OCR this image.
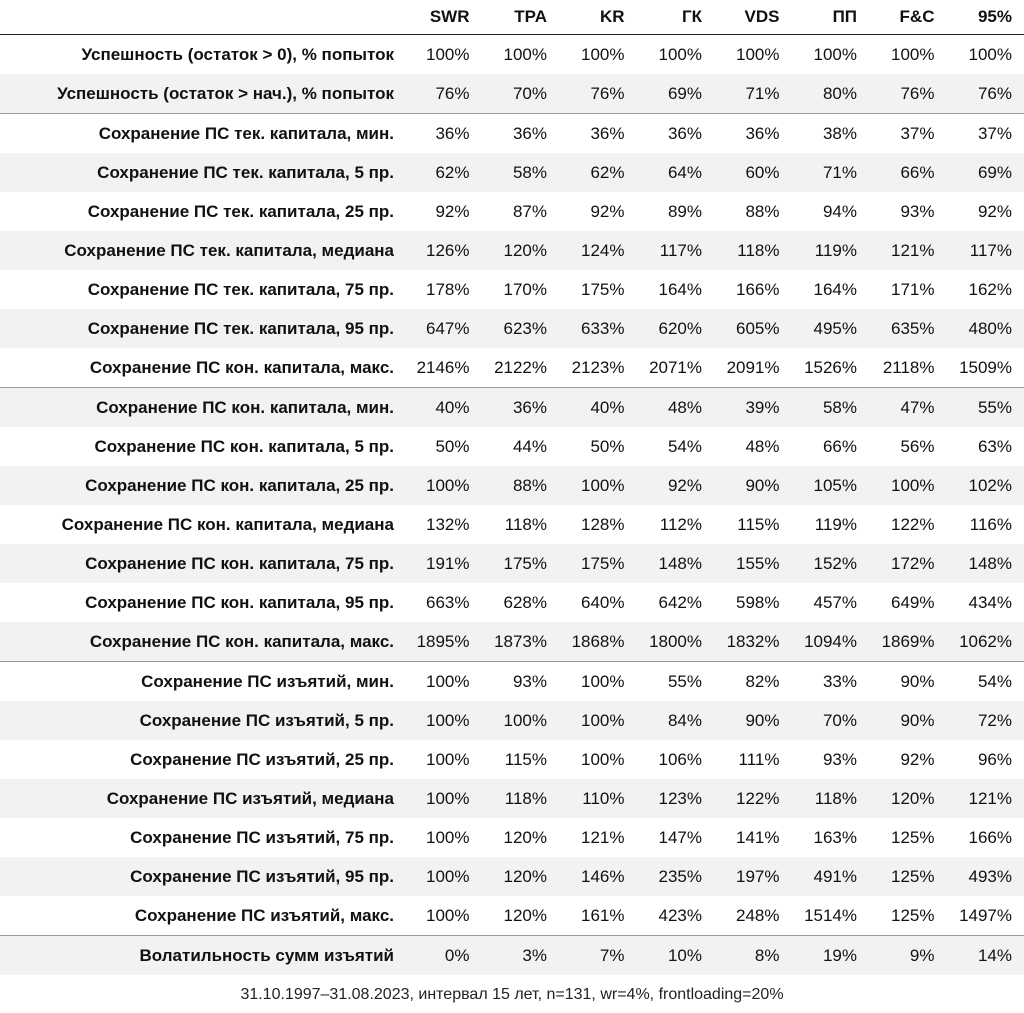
	SWR	TPA	KR	ГК	VDS	ПП	F&C	95%
Успешность (остаток > 0), % попыток	100%	100%	100%	100%	100%	100%	100%	100%
Успешность (остаток > нач.), % попыток	76%	70%	76%	69%	71%	80%	76%	76%
Сохранение ПС тек. капитала, мин.	36%	36%	36%	36%	36%	38%	37%	37%
Сохранение ПС тек. капитала, 5 пр.	62%	58%	62%	64%	60%	71%	66%	69%
Сохранение ПС тек. капитала, 25 пр.	92%	87%	92%	89%	88%	94%	93%	92%
Сохранение ПС тек. капитала, медиана	126%	120%	124%	117%	118%	119%	121%	117%
Сохранение ПС тек. капитала, 75 пр.	178%	170%	175%	164%	166%	164%	171%	162%
Сохранение ПС тек. капитала, 95 пр.	647%	623%	633%	620%	605%	495%	635%	480%
Сохранение ПС кон. капитала, макс.	2146%	2122%	2123%	2071%	2091%	1526%	2118%	1509%
Сохранение ПС кон. капитала, мин.	40%	36%	40%	48%	39%	58%	47%	55%
Сохранение ПС кон. капитала, 5 пр.	50%	44%	50%	54%	48%	66%	56%	63%
Сохранение ПС кон. капитала, 25 пр.	100%	88%	100%	92%	90%	105%	100%	102%
Сохранение ПС кон. капитала, медиана	132%	118%	128%	112%	115%	119%	122%	116%
Сохранение ПС кон. капитала, 75 пр.	191%	175%	175%	148%	155%	152%	172%	148%
Сохранение ПС кон. капитала, 95 пр.	663%	628%	640%	642%	598%	457%	649%	434%
Сохранение ПС кон. капитала, макс.	1895%	1873%	1868%	1800%	1832%	1094%	1869%	1062%
Сохранение ПС изъятий, мин.	100%	93%	100%	55%	82%	33%	90%	54%
Сохранение ПС изъятий, 5 пр.	100%	100%	100%	84%	90%	70%	90%	72%
Сохранение ПС изъятий, 25 пр.	100%	115%	100%	106%	111%	93%	92%	96%
Сохранение ПС изъятий, медиана	100%	118%	110%	123%	122%	118%	120%	121%
Сохранение ПС изъятий, 75 пр.	100%	120%	121%	147%	141%	163%	125%	166%
Сохранение ПС изъятий, 95 пр.	100%	120%	146%	235%	197%	491%	125%	493%
Сохранение ПС изъятий, макс.	100%	120%	161%	423%	248%	1514%	125%	1497%
Волатильность сумм изъятий	0%	3%	7%	10%	8%	19%	9%	14%
31.10.1997–31.08.2023, интервал 15 лет, n=131, wr=4%, frontloading=20%
